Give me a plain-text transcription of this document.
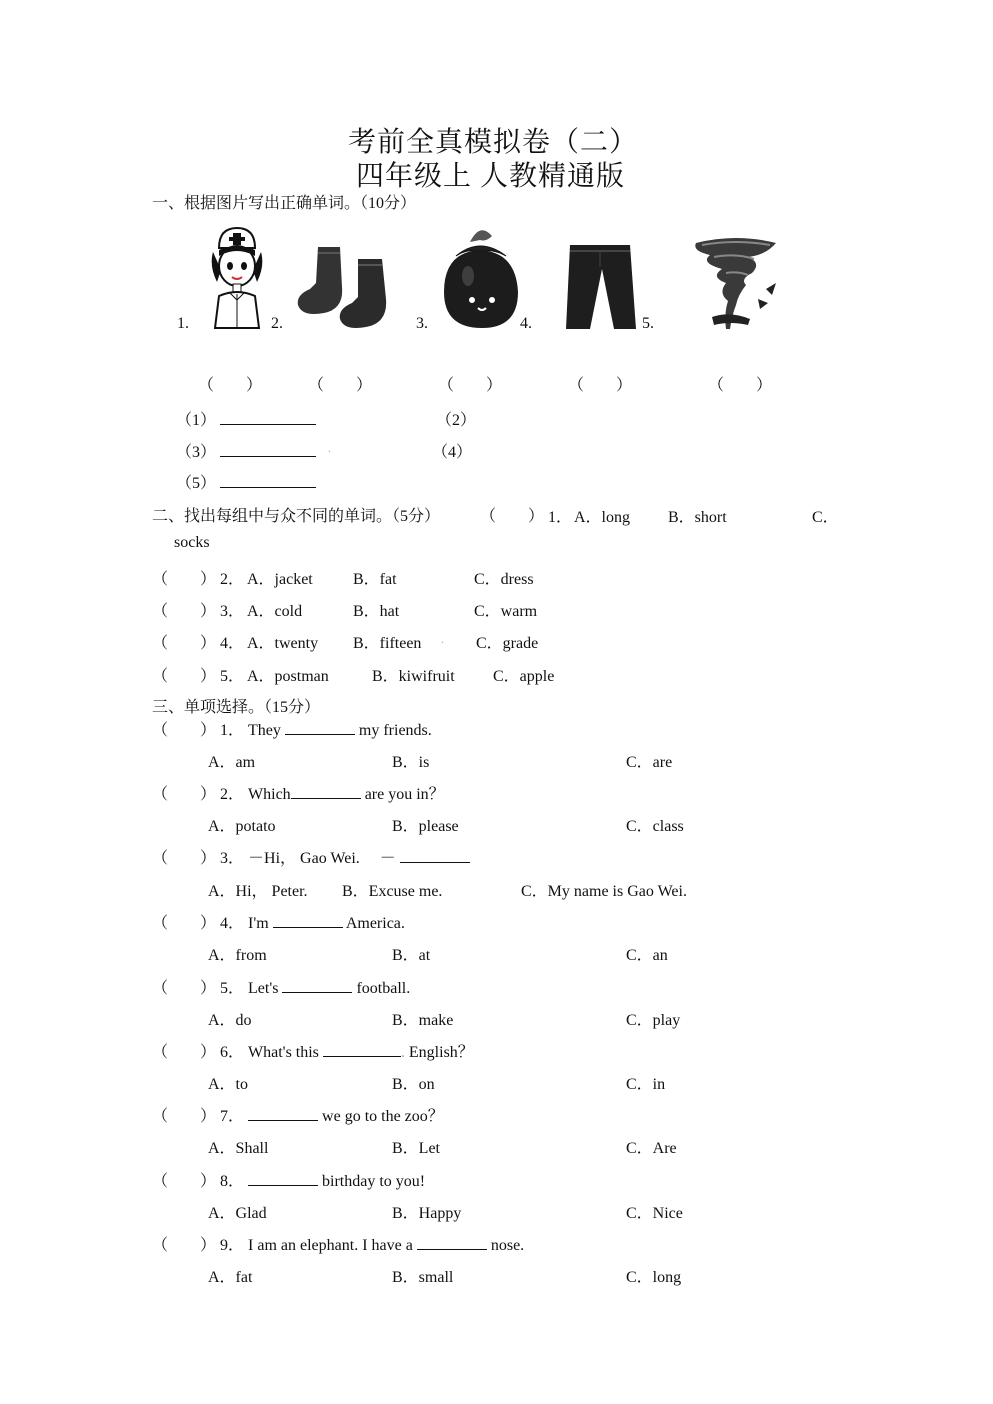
考前全真模拟卷（二）
四年级上 人教精通版
一、根据图片写出正确单词。（10分）
1.	2.	3.	4.	5.
（　　）	（　　）	（　　）	（　　）	（　　）
（1）	（2）
（3）	.	（4）
（5）
二、找出每组中与众不同的单词。（5分） （　　） 1． A．long B．short	C．
socks
（　　） 2． A．jacket	B．fat	C．dress
（　　） 3． A．cold	B．hat	C．warm
（　　） 4． A．twenty B．fifteen . C．grade
（　　） 5． A．postman	B．kiwifruit C．apple
三、单项选择。（15分）
（　　） 1． They	my friends.
A．am	B．is	C．are
（　　） 2． Which	are you in？
A．potato	B．please	C．class
（　　） 3． －Hi， Gao Wei.　 －
A．Hi， Peter. B．Excuse me.	C．My name is Gao Wei.
（　　） 4． I'm	America.
A．from	B．at	C．an
（　　） 5． Let's	football.
A．do	B．make	C．play
（　　） 6． What's this	. English？
A．to	B．on	C．in
（　　） 7．	we go to the zoo？
A．Shall	B．Let	C．Are
（　　） 8．	birthday to you!
A．Glad	B．Happy	C．Nice
（　　） 9． I am an elephant. I have a	nose.
A．fat	B．small	C．long
